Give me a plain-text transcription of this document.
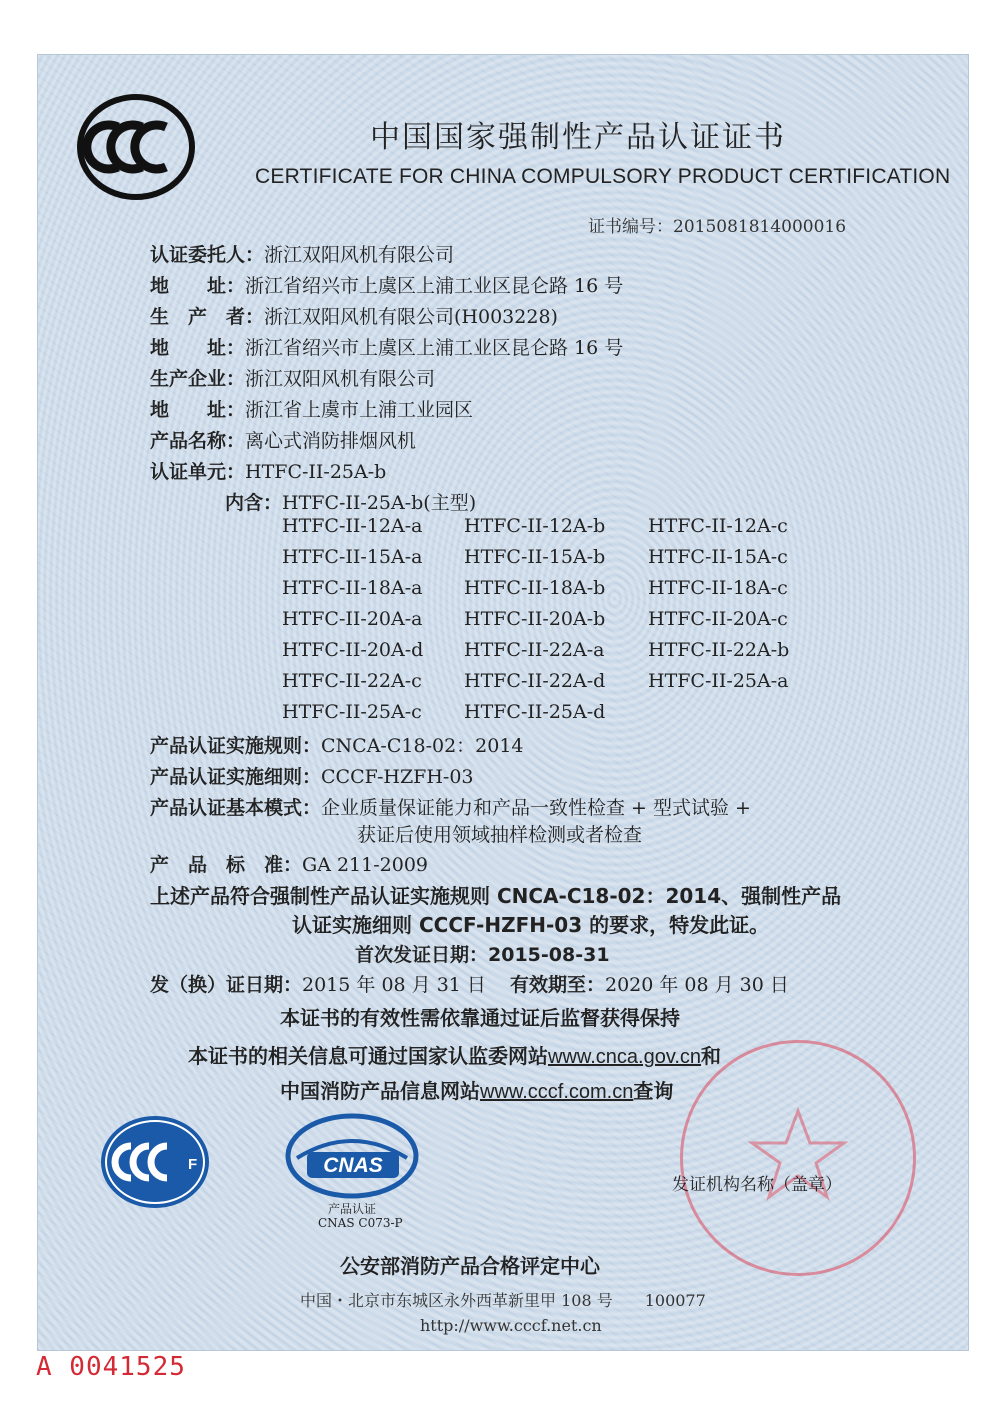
中国国家强制性产品认证证书
CERTIFICATE FOR CHINA COMPULSORY PRODUCT CERTIFICATION
证书编号：2015081814000016
认证委托人：浙江双阳风机有限公司
地　　址：浙江省绍兴市上虞区上浦工业区昆仑路 16 号
生　产　者：浙江双阳风机有限公司(H003228)
地　　址：浙江省绍兴市上虞区上浦工业区昆仑路 16 号
生产企业：浙江双阳风机有限公司
地　　址：浙江省上虞市上浦工业园区
产品名称：离心式消防排烟风机
认证单元：HTFC-II-25A-b
内含：HTFC-II-25A-b(主型)
HTFC-II-12A-a HTFC-II-12A-b HTFC-II-12A-c
HTFC-II-15A-a HTFC-II-15A-b HTFC-II-15A-c
HTFC-II-18A-a HTFC-II-18A-b HTFC-II-18A-c
HTFC-II-20A-a HTFC-II-20A-b HTFC-II-20A-c
HTFC-II-20A-d HTFC-II-22A-a HTFC-II-22A-b
HTFC-II-22A-c HTFC-II-22A-d HTFC-II-25A-a
HTFC-II-25A-c HTFC-II-25A-d
产品认证实施规则：CNCA-C18-02：2014
产品认证实施细则：CCCF-HZFH-03
产品认证基本模式：企业质量保证能力和产品一致性检查 + 型式试验 +
获证后使用领域抽样检测或者检查
产　品　标　准：GA 211-2009
上述产品符合强制性产品认证实施规则 CNCA-C18-02：2014、强制性产品
认证实施细则 CCCF-HZFH-03 的要求，特发此证。
首次发证日期：2015-08-31
发（换）证日期：2015 年 08 月 31 日 有效期至：2020 年 08 月 30 日
本证书的有效性需依靠通过证后监督获得保持
本证书的相关信息可通过国家认监委网站www.cnca.gov.cn和
中国消防产品信息网站www.cccf.com.cn查询
F	CNAS
产品认证
CNAS C073-P
发证机构名称（盖章）
公安部消防产品合格评定中心
中国・北京市东城区永外西革新里甲 108 号　　100077
http://www.cccf.net.cn
A 0041525
